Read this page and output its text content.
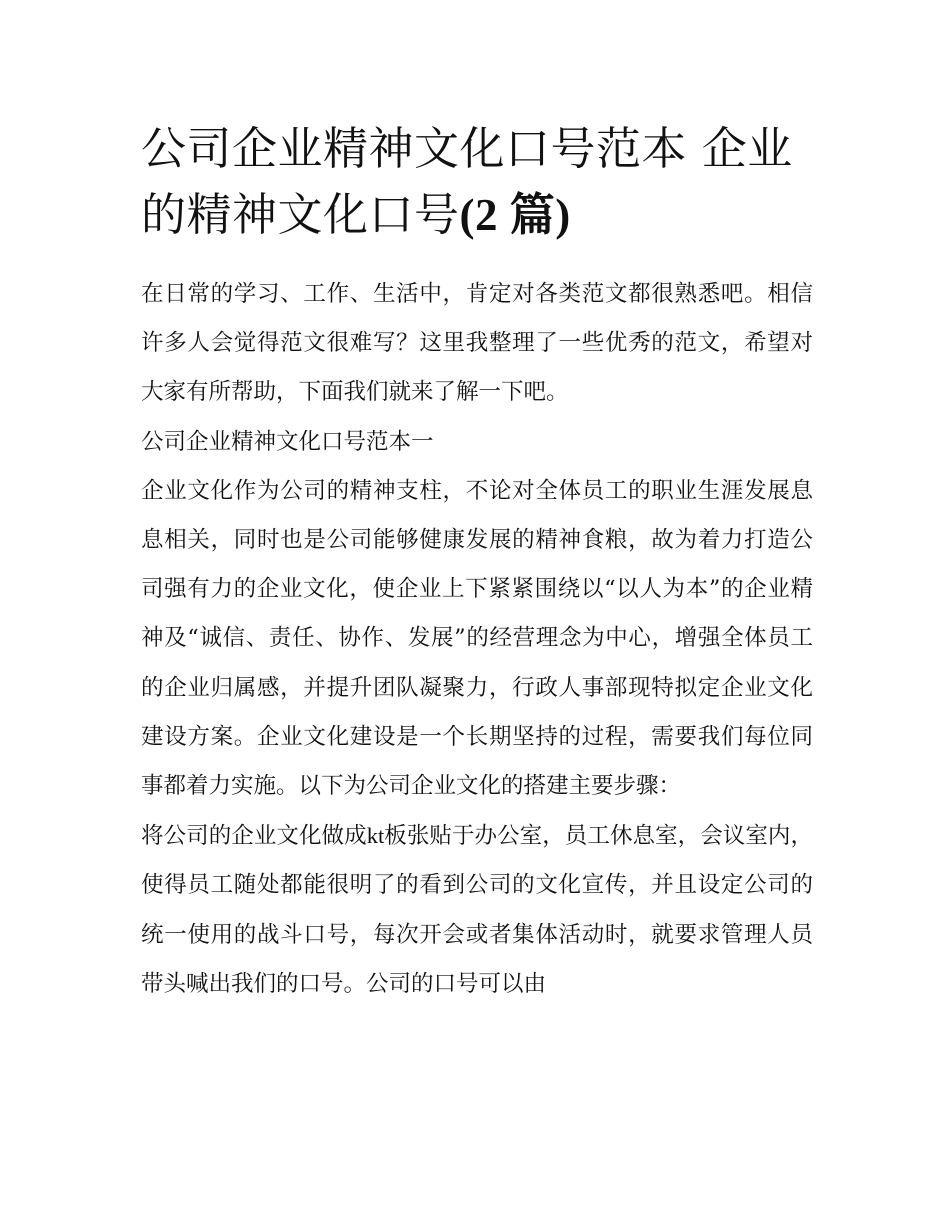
公司企业精神文化口号范本 企业的精神文化口号(2 篇)

在日常的学习、工作、生活中，肯定对各类范文都很熟悉吧。相信许多人会觉得范文很难写？这里我整理了一些优秀的范文，希望对大家有所帮助，下面我们就来了解一下吧。

公司企业精神文化口号范本一

企业文化作为公司的精神支柱，不论对全体员工的职业生涯发展息息相关，同时也是公司能够健康发展的精神食粮，故为着力打造公司强有力的企业文化，使企业上下紧紧围绕以“以人为本”的企业精神及“诚信、责任、协作、发展”的经营理念为中心，增强全体员工的企业归属感，并提升团队凝聚力，行政人事部现特拟定企业文化建设方案。企业文化建设是一个长期坚持的过程，需要我们每位同事都着力实施。以下为公司企业文化的搭建主要步骤：

将公司的企业文化做成kt板张贴于办公室，员工休息室，会议室内，使得员工随处都能很明了的看到公司的文化宣传，并且设定公司的统一使用的战斗口号，每次开会或者集体活动时，就要求管理人员带头喊出我们的口号。公司的口号可以由
